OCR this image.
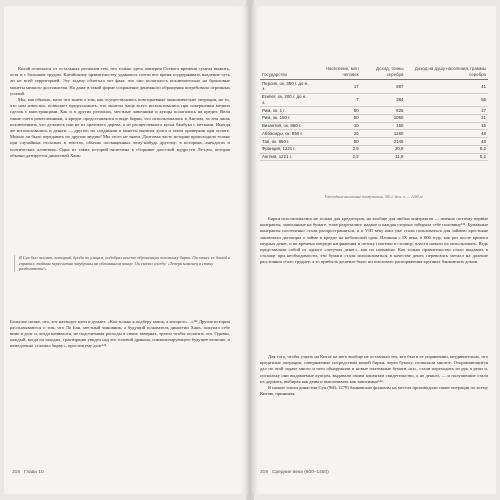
Китай отличался от остальных регионов тем, что только здесь империя Осевого времени сумела выжить, хотя и с большим трудом. Китайскому правительству удавалось почти все время поддерживать владение чуть ли не всей территорией. Эту задачу облегчал тот факт, что оно полагалось исключительно на бронзовые монеты мелкого достоинства. Но даже в такой форме сохранение денежного обращения потребовало огромных усилий.

Мы, как обычно, мало что знаем о том, как осуществлялись повседневные экономические операции, но то, что нам известно, позволяет предположить, что монеты чаще всего использовались при совершении мелких сделок с иностранцами. Как и в других регионах, местные лавочники и купцы полагались на кредит. Вели такие счета ремесленники, а кредит предоставлялся в виде бирки, что использовались в Англии, за тем лишь исключением, что делались они не из орехового дерева, а из расщепленного куска бамбука с метками. Иногда же использовались и деньги — другие; их соединяли в монеты выпиты долга и затем проверяли при оплате. Можно ли было передавать их другим людям? Мы этого не знаем. Долговая часть истории происходила только при случайных отсылках в текстах, обычно посвященных чему-нибудь другому: в историях, анекдотах и поэтических аллюзиях. Одна из таких историй включена в сборнике даосской мудрости Ле-цзы, которая обычно датируется династией Хань:

В Сун был человек, который, бродя по улицам, подобрал кем-то оброненную половинку бирки. Он отнес ее домой и спрятал, тайком пересчитав зазубрины на обломанном конце. Он сказал соседу: «Теперь наконец я стану разбогатеть!»

Большое позже, что, хот нахводит клеи и думает: «Как только я подберу замок, а которого…»¹²¹ Другие истории рассказываются о том, что Ло Бан, местный чиновник, а будущий основатель династии Хань, покупал себе вино в долг и, когда напивался, не подсчитывая расходы в своих тавернах, тратил чтобы оплатить это. Однако, каждый, когда он заходил, трактирщик увидел над его головой дракона, символизирующего будущее величие, и немедленно «сломал бирку», простив ему долг¹²².

318 Глава 10
Государство	Население, млн человек	Доход, тонны серебра	Доход на душу населения, граммы серебра
Персия, ок. 350 г. до н. э.	17	697	41
Египет, ок. 200 г. до н. э.	7	384	55
Рим, ок. 1 г.	50	825	17
Рим, ок. 150 г.	50	1050	21
Византия, ок. 850 г.	10	150	15
Аббасиды, ок. 850 г.	26	1260	48
Тан, ок. 850 г.	50	2145	43
Франция, 1221 г.	2,5	20,5	8,2
Англия, 1221 г.	2,2	11,5	5,2
Ежегодные налоговые поступления, 350 г. до н. э. — 1200 гг.

Бирки использовались не только для кредиторов, но вообще для любых контрактов — именно поэтому первые контракты, записанные на бумаге, тоже разрезались надвое и каждая сторона забирала себе половину¹²³. Бумажные контракты постепенно стали распространяться, и к VIII веку ими уже стали пользоваться для займов: крестьяне заключали договоры о займе в кредит на небольшой срок. Начиная с ІХ века, в 806 году, как раз после кризиса медных денег, и во времена очереди напряжения и потоку платежи в столицу, власти начали их использовать. Ведь представляли собой от одного «летучих денег», как их называли. Как только правительство стало выдавать в столице при необходимости, эти бумаги стали использоваться в качестве денег, перевозить металл на далекие расстояния стало труднее, а то прибыль дешевле было использовать распоряжения крупных банковских домов.

Для того, чтобы узнать на Китае на него вообще не оставляли тех, кто был в ее управлении, неудивительно, что кредитные операции, совершаемые посредством меной бирки, через бумагу, позволяли многое. Отправляющиеся дал по этой задаче много и чего обнаружили в новые платежные бумаги «кэ», стали переходить из рук в руки и, поскольку они выдаваемые купцом, выдавали своим клиентам свидетельство, а не деньги, — и получившие стали их держать, выбирая как деньги выплачивать как зависимые¹²⁴.

В начале эпохи династии Сун (960–1279) банковские филиалы на местах производили такие операции по всему Китаю, принимая

319 Средние века (600–1450)
